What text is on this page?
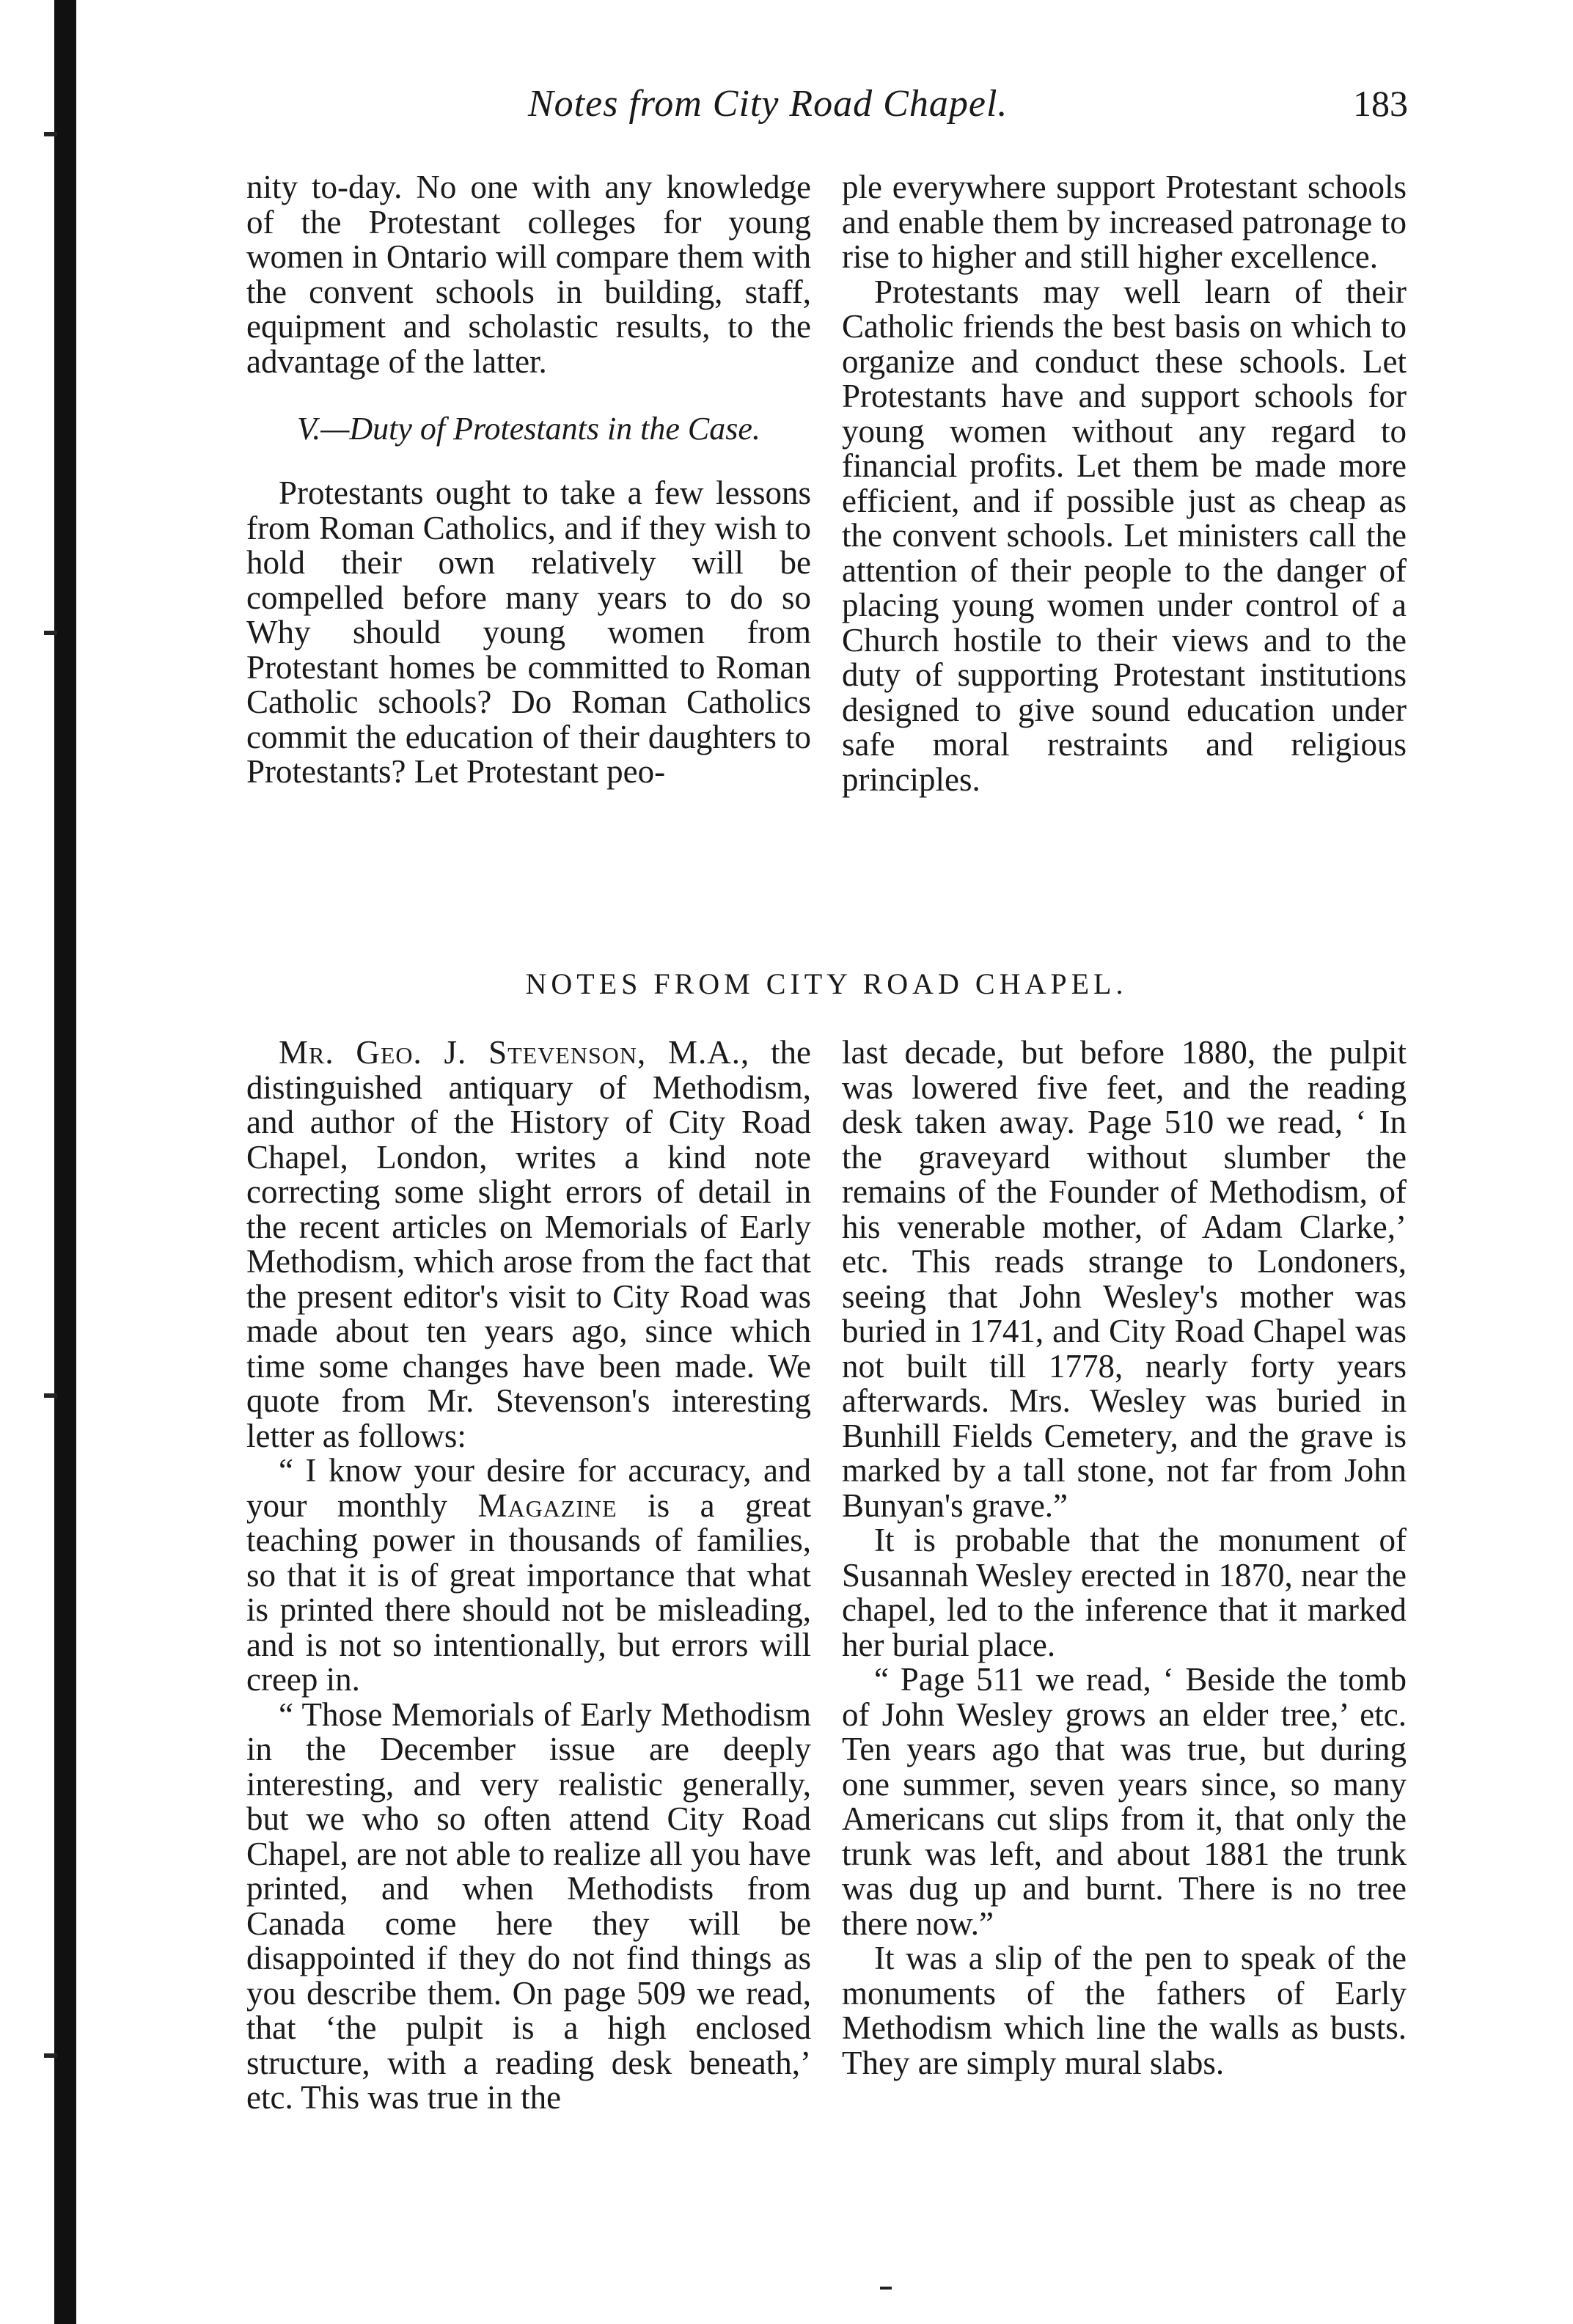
Notes from City Road Chapel.	183

nity to-day. No one with any knowledge of the Protestant colleges for young women in Ontario will compare them with the convent schools in building, staff, equipment and scholastic results, to the advantage of the latter.

V.—Duty of Protestants in the Case.

Protestants ought to take a few lessons from Roman Catholics, and if they wish to hold their own relatively will be compelled before many years to do so Why should young women from Protestant homes be committed to Roman Catholic schools? Do Roman Catholics commit the education of their daughters to Protestants? Let Protestant peo-

ple everywhere support Protestant schools and enable them by increased patronage to rise to higher and still higher excellence.

Protestants may well learn of their Catholic friends the best basis on which to organize and conduct these schools. Let Protestants have and support schools for young women without any regard to financial profits. Let them be made more efficient, and if possible just as cheap as the convent schools. Let ministers call the attention of their people to the danger of placing young women under control of a Church hostile to their views and to the duty of supporting Protestant institutions designed to give sound education under safe moral restraints and religious principles.

NOTES FROM CITY ROAD CHAPEL.

Mr. Geo. J. Stevenson, M.A., the distinguished antiquary of Methodism, and author of the History of City Road Chapel, London, writes a kind note correcting some slight errors of detail in the recent articles on Memorials of Early Methodism, which arose from the fact that the present editor's visit to City Road was made about ten years ago, since which time some changes have been made. We quote from Mr. Stevenson's interesting letter as follows:

“ I know your desire for accuracy, and your monthly Magazine is a great teaching power in thousands of families, so that it is of great importance that what is printed there should not be misleading, and is not so intentionally, but errors will creep in.

“ Those Memorials of Early Methodism in the December issue are deeply interesting, and very realistic generally, but we who so often attend City Road Chapel, are not able to realize all you have printed, and when Methodists from Canada come here they will be disappointed if they do not find things as you describe them. On page 509 we read, that ‘the pulpit is a high enclosed structure, with a reading desk beneath,’ etc. This was true in the

last decade, but before 1880, the pulpit was lowered five feet, and the reading desk taken away. Page 510 we read, ‘ In the graveyard without slumber the remains of the Founder of Methodism, of his venerable mother, of Adam Clarke,’ etc. This reads strange to Londoners, seeing that John Wesley's mother was buried in 1741, and City Road Chapel was not built till 1778, nearly forty years afterwards. Mrs. Wesley was buried in Bunhill Fields Cemetery, and the grave is marked by a tall stone, not far from John Bunyan's grave.”

It is probable that the monument of Susannah Wesley erected in 1870, near the chapel, led to the inference that it marked her burial place.

“ Page 511 we read, ‘ Beside the tomb of John Wesley grows an elder tree,’ etc. Ten years ago that was true, but during one summer, seven years since, so many Americans cut slips from it, that only the trunk was left, and about 1881 the trunk was dug up and burnt. There is no tree there now.”

It was a slip of the pen to speak of the monuments of the fathers of Early Methodism which line the walls as busts. They are simply mural slabs.
